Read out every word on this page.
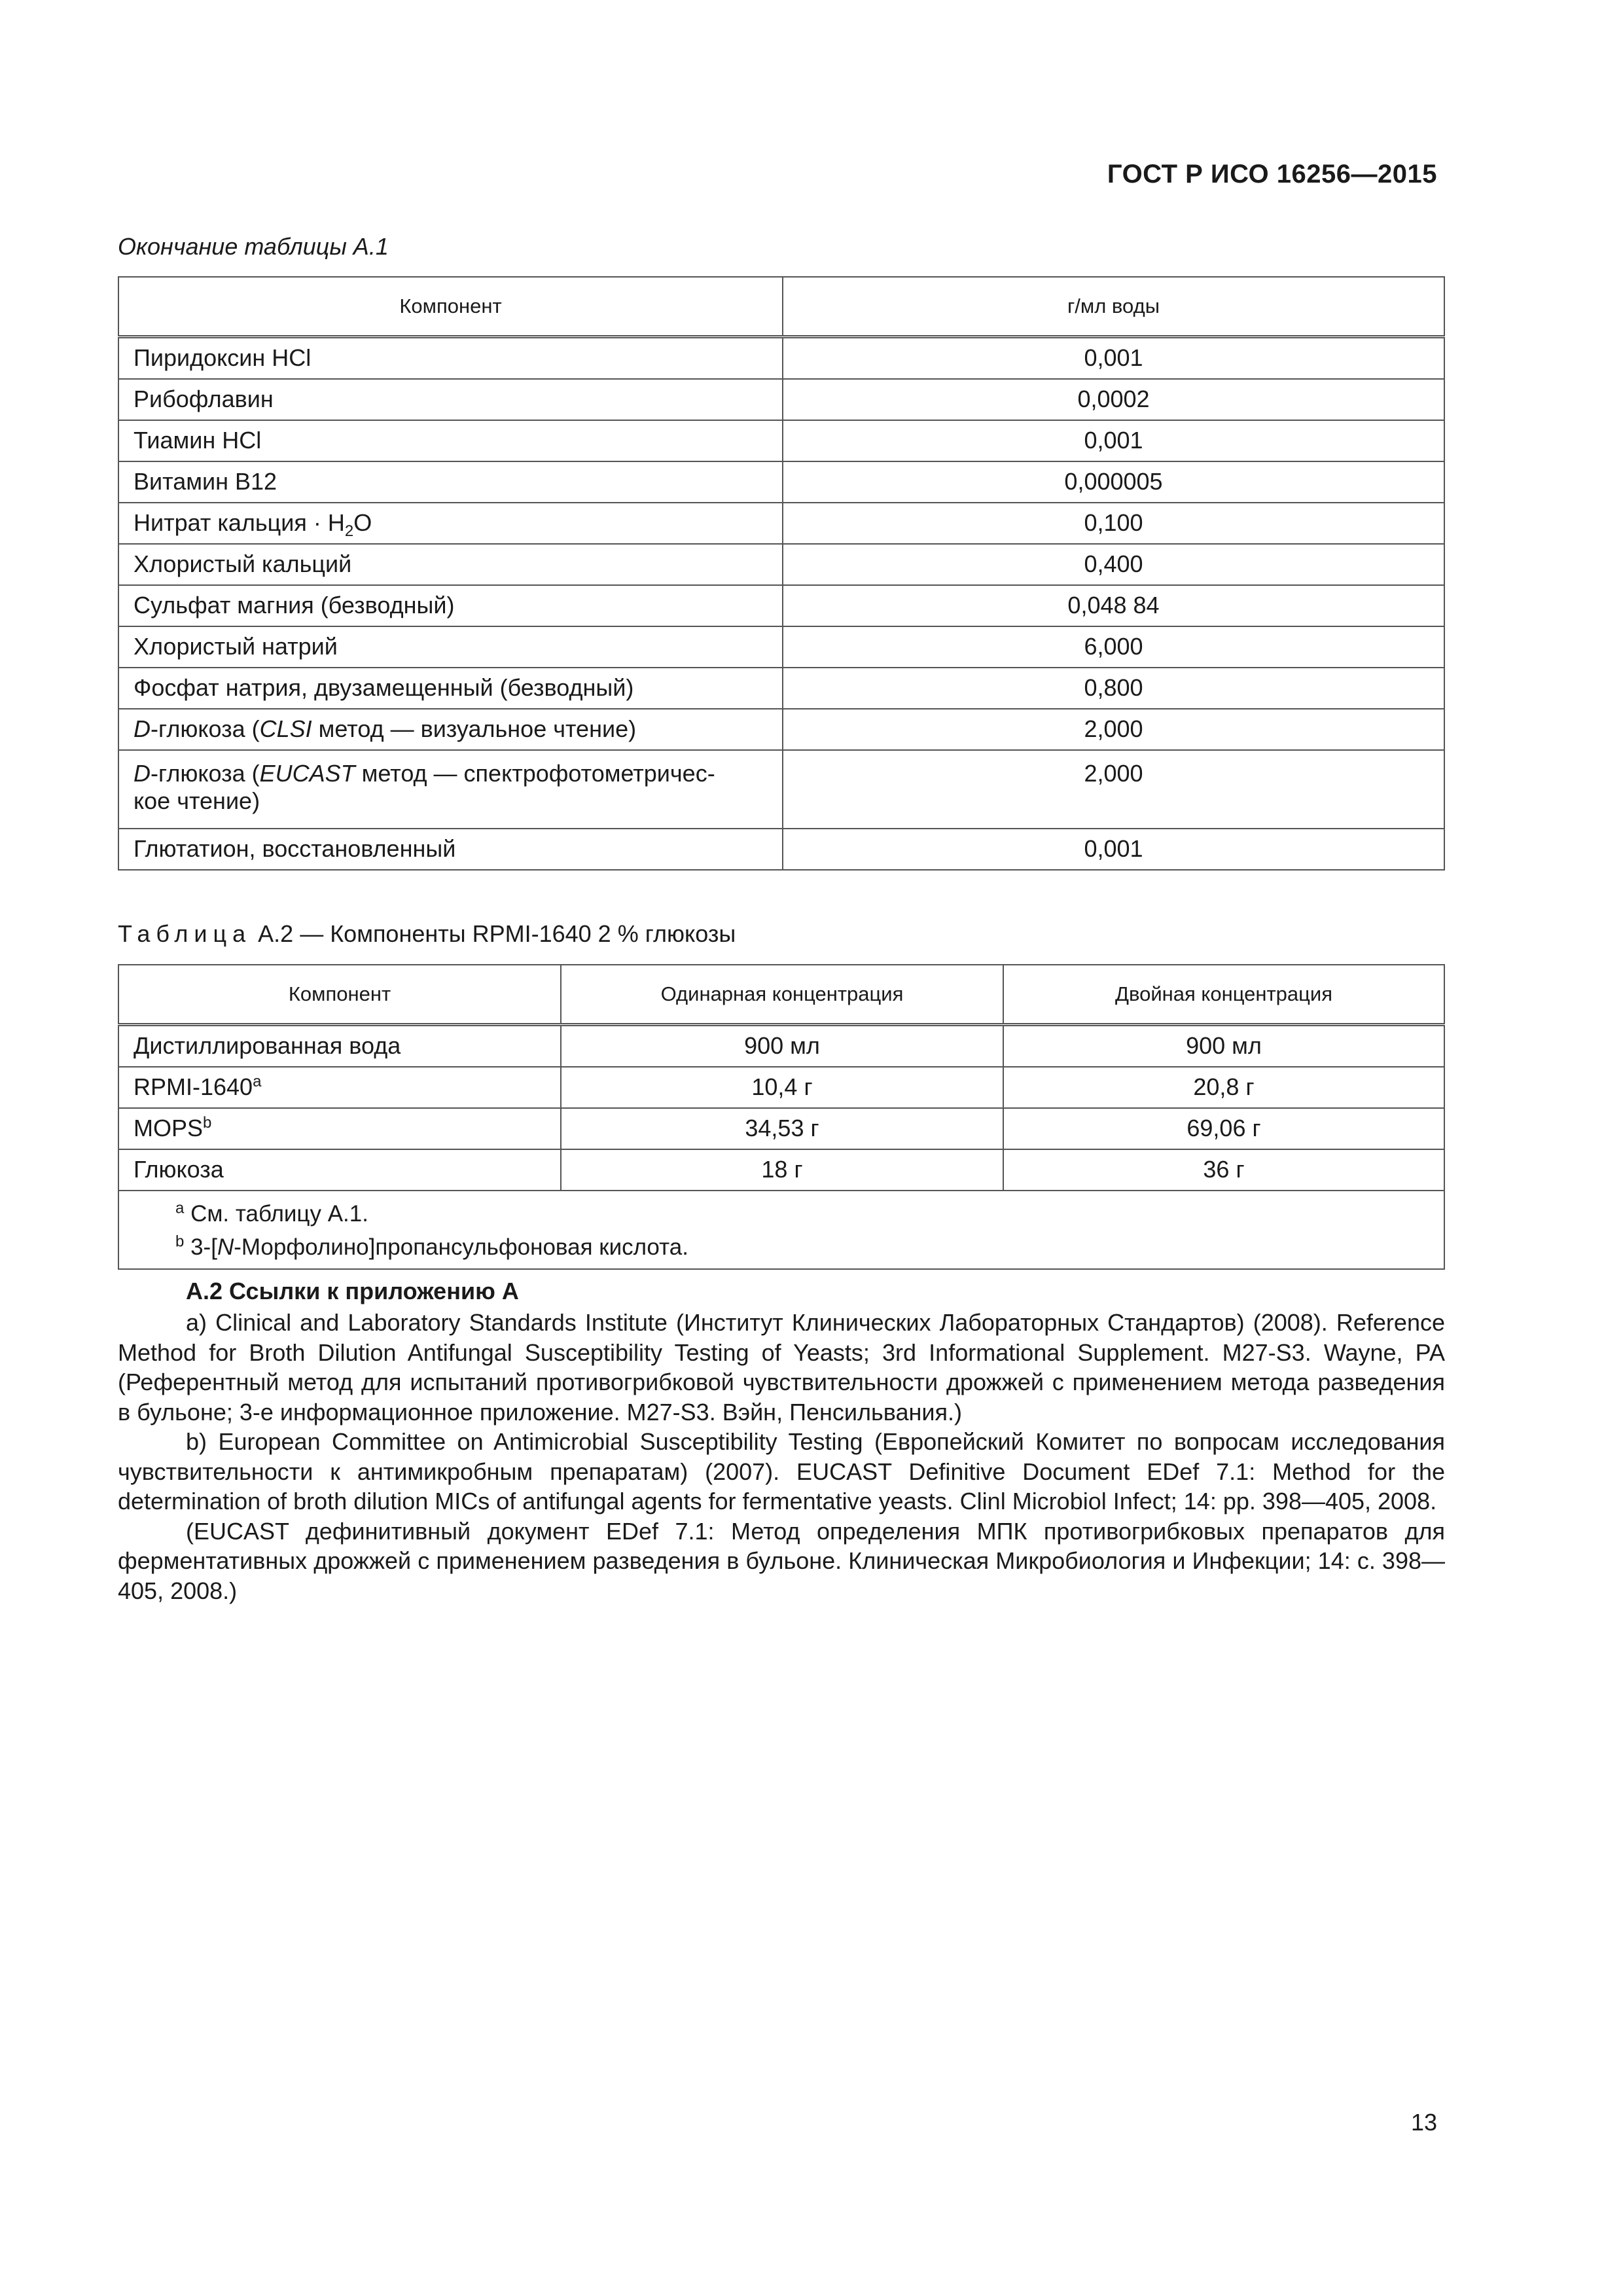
ГОСТ Р ИСО 16256—2015
Окончание таблицы А.1
Компонент	г/мл воды
Пиридоксин HCl	0,001
Рибофлавин	0,0002
Тиамин HCl	0,001
Витамин B12	0,000005
Нитрат кальция · $H_2O$	0,100
Хлористый кальций	0,400
Сульфат магния (безводный)	0,048 84
Хлористый натрий	6,000
Фосфат натрия, двузамещенный (безводный)	0,800
D-глюкоза (CLSI метод — визуальное чтение)	2,000
D-глюкоза (EUCAST метод — спектрофотометричес-
кое чтение)	2,000
Глютатион, восстановленный	0,001
Таблица А.2 — Компоненты RPMI-1640 2 % глюкозы
Компонент	Одинарная концентрация	Двойная концентрация
Дистиллированная вода	900 мл	900 мл
RPMI-1640$^a$	10,4 г	20,8 г
MOPS$^b$	34,53 г	69,06 г
Глюкоза	18 г	36 г

$^a$ См. таблицу А.1.
$^b$ 3-[N-Морфолино]пропансульфоновая кислота.		
А.2 Ссылки к приложению А

a) Clinical and Laboratory Standards Institute (Институт Клинических Лабораторных Стандартов) (2008). Reference Method for Broth Dilution Antifungal Susceptibility Testing of Yeasts; 3rd Informational Supplement. M27-S3. Wayne, PA (Референтный метод для испытаний противогрибковой чувствительности дрожжей с применением метода разведения в бульоне; 3-е информационное приложение. M27-S3. Вэйн, Пенсильвания.)

b) European Committee on Antimicrobial Susceptibility Testing (Европейский Комитет по вопросам исследования чувствительности к антимикробным препаратам) (2007). EUCAST Definitive Document EDef 7.1: Method for the determination of broth dilution MICs of antifungal agents for fermentative yeasts. Clinl Microbiol Infect; 14: pp. 398—405, 2008.

(EUCAST дефинитивный документ EDef 7.1: Метод определения МПК противогрибковых препаратов для ферментативных дрожжей с применением разведения в бульоне. Клиническая Микробиология и Инфекции; 14: с. 398—405, 2008.)

13
